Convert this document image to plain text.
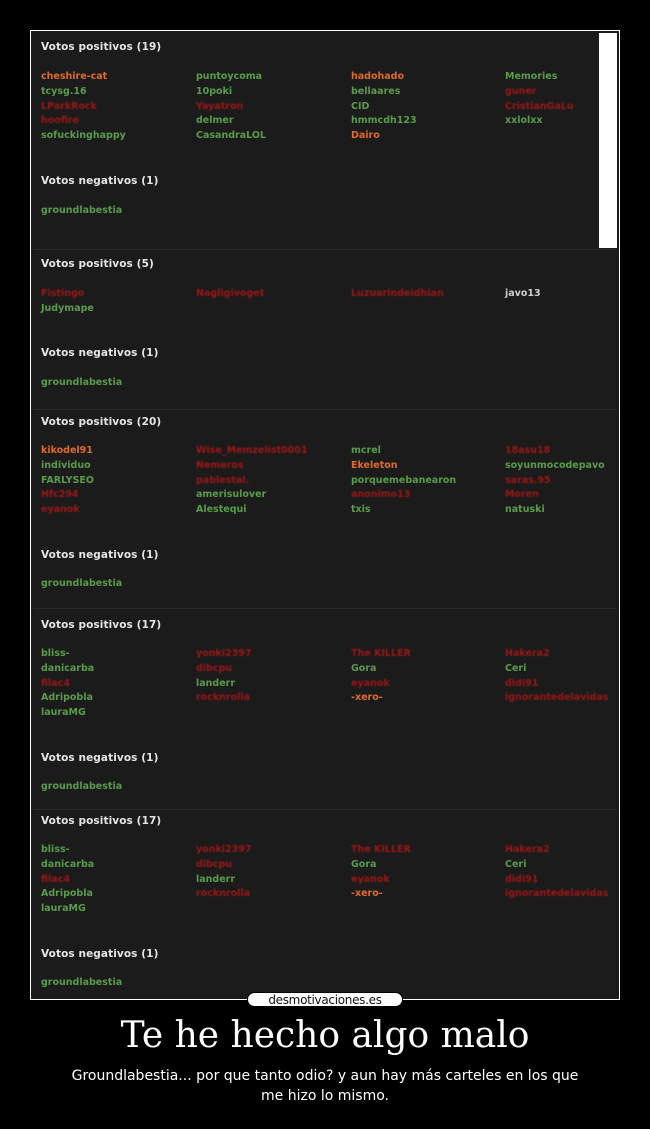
Votos positivos (19)
cheshire-cat	puntoycoma	hadohado	Memories
tcysg.16	10poki	bellaares	guner
LParkRock	Yayatron	CID	CristianGaLu
hoofire	delmer	hmmcdh123	xxlolxx
sofuckinghappy	CasandraLOL	Dairo
Votos negativos (1)
groundlabestia
Votos positivos (5)
Fistingo	Nagligivoget	Luzuarindeidhian	javo13
Judymape
Votos negativos (1)
groundlabestia
Votos positivos (20)
kikodel91	Wise_Memzelist0001	mcrel	18asu18
individuo	Nemeros	Ekeleton	soyunmocodepavo
FARLYSEO	pablestal.	porquemebanearon	saras.95
Hfc294	amerisulover	anonimo13	Moren
eyanok	Alestequi	txis	natuski
Votos negativos (1)
groundlabestia
Votos positivos (17)
bliss-	yonki2397	The KILLER	Hakera2
danicarba	dibcpu	Gora	Ceri
filac4	landerr	eyanok	didi91
Adripobla	rocknrolla	-xero-	ignorantedelavidas
lauraMG
Votos negativos (1)
groundlabestia
Votos positivos (17)
bliss-	yonki2397	The KILLER	Hakera2
danicarba	dibcpu	Gora	Ceri
filac4	landerr	eyanok	didi91
Adripobla	rocknrolla	-xero-	ignorantedelavidas
lauraMG
Votos negativos (1)
groundlabestia
desmotivaciones.es
Te he hecho algo malo
Groundlabestia... por que tanto odio? y aun hay más carteles en los que me hizo lo mismo.
